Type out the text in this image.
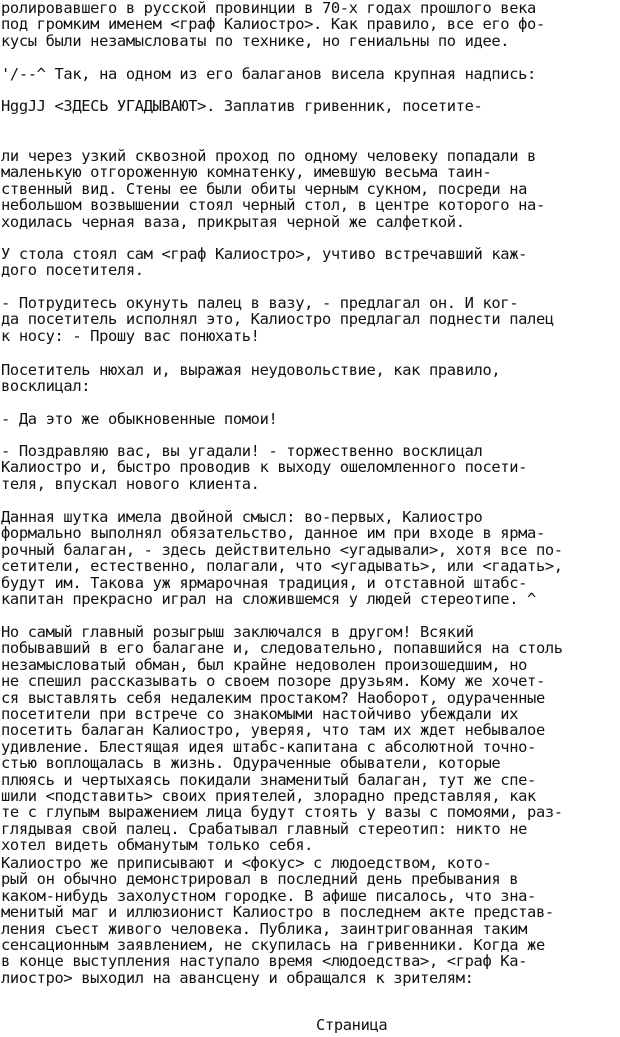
ролировавшего в русской провинции в 70-х годах прошлого века
под громким именем <граф Калиостро>. Как правило, все его фо-
кусы были незамысловаты по технике, но гениальны по идее.
'/--^ Так, на одном из его балаганов висела крупная надпись:
HggJJ <ЗДЕСЬ УГАДЫВАЮТ>. Заплатив гривенник, посетите-
ли через узкий сквозной проход по одному человеку попадали в
маленькую отгороженную комнатенку, имевшую весьма таин-
ственный вид. Стены ее были обиты черным сукном, посреди на
небольшом возвышении стоял черный стол, в центре которого на-
ходилась черная ваза, прикрытая черной же салфеткой.
У стола стоял сам <граф Калиостро>, учтиво встречавший каж-
дого посетителя.
- Потрудитесь окунуть палец в вазу, - предлагал он. И ког-
да посетитель исполнял это, Калиостро предлагал поднести палец
к носу: - Прошу вас понюхать!
Посетитель нюхал и, выражая неудовольствие, как правило,
восклицал:
- Да это же обыкновенные помои!
- Поздравляю вас, вы угадали! - торжественно восклицал
Калиостро и, быстро проводив к выходу ошеломленного посети-
теля, впускал нового клиента.
Данная шутка имела двойной смысл: во-первых, Калиостро
формально выполнял обязательство, данное им при входе в ярма-
рочный балаган, - здесь действительно <угадывали>, хотя все по-
сетители, естественно, полагали, что <угадывать>, или <гадать>,
будут им. Такова уж ярмарочная традиция, и отставной штабс-
капитан прекрасно играл на сложившемся у людей стереотипе. ^
Но самый главный розыгрыш заключался в другом! Всякий
побывавший в его балагане и, следовательно, попавшийся на столь
незамысловатый обман, был крайне недоволен произошедшим, но
не спешил рассказывать о своем позоре друзьям. Кому же хочет-
ся выставлять себя недалеким простаком? Наоборот, одураченные
посетители при встрече со знакомыми настойчиво убеждали их
посетить балаган Калиостро, уверяя, что там их ждет небывалое
удивление. Блестящая идея штабс-капитана с абсолютной точно-
стью воплощалась в жизнь. Одураченные обыватели, которые
плюясь и чертыхаясь покидали знаменитый балаган, тут же спе-
шили <подставить> своих приятелей, злорадно представляя, как
те с глупым выражением лица будут стоять у вазы с помоями, раз-
глядывая свой палец. Срабатывал главный стереотип: никто не
хотел видеть обманутым только себя.
Калиостро же приписывают и <фокус> с людоедством, кото-
рый он обычно демонстрировал в последний день пребывания в
каком-нибудь захолустном городке. В афише писалось, что зна-
менитый маг и иллюзионист Калиостро в последнем акте представ-
ления съест живого человека. Публика, заинтригованная таким
сенсационным заявлением, не скупилась на гривенники. Когда же
в конце выступления наступало время <людоедства>, <граф Ка-
лиостро> выходил на авансцену и обращался к зрителям:
Страница
